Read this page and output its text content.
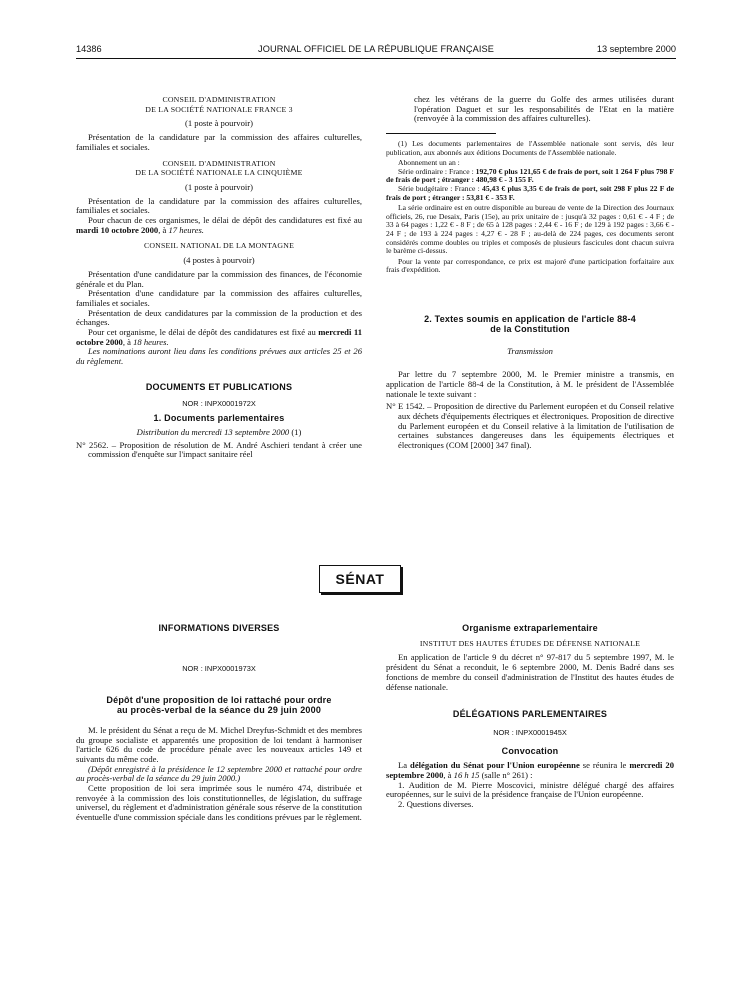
14386	JOURNAL OFFICIEL DE LA RÉPUBLIQUE FRANÇAISE	13 septembre 2000

CONSEIL D'ADMINISTRATION
DE LA SOCIÉTÉ NATIONALE FRANCE 3

(1 poste à pourvoir)

Présentation de la candidature par la commission des affaires culturelles, familiales et sociales.

CONSEIL D'ADMINISTRATION
DE LA SOCIÉTÉ NATIONALE LA CINQUIÈME

(1 poste à pourvoir)

Présentation de la candidature par la commission des affaires culturelles, familiales et sociales.

Pour chacun de ces organismes, le délai de dépôt des candidatures est fixé au mardi 10 octobre 2000, à 17 heures.

CONSEIL NATIONAL DE LA MONTAGNE

(4 postes à pourvoir)

Présentation d'une candidature par la commission des finances, de l'économie générale et du Plan.

Présentation d'une candidature par la commission des affaires culturelles, familiales et sociales.

Présentation de deux candidatures par la commission de la production et des échanges.

Pour cet organisme, le délai de dépôt des candidatures est fixé au mercredi 11 octobre 2000, à 18 heures.

Les nominations auront lieu dans les conditions prévues aux articles 25 et 26 du règlement.

DOCUMENTS ET PUBLICATIONS

NOR : INPX0001972X

1. Documents parlementaires

Distribution du mercredi 13 septembre 2000 (1)

N° 2562. – Proposition de résolution de M. André Aschieri tendant à créer une commission d'enquête sur l'impact sanitaire réel

chez les vétérans de la guerre du Golfe des armes utilisées durant l'opération Daguet et sur les responsabilités de l'Etat en la matière (renvoyée à la commission des affaires culturelles).

(1) Les documents parlementaires de l'Assemblée nationale sont servis, dès leur publication, aux abonnés aux éditions Documents de l'Assemblée nationale.

Abonnement un an :

Série ordinaire : France : 192,70 € plus 121,65 € de frais de port, soit 1 264 F plus 798 F de frais de port ; étranger : 480,98 € - 3 155 F.

Série budgétaire : France : 45,43 € plus 3,35 € de frais de port, soit 298 F plus 22 F de frais de port ; étranger : 53,81 € - 353 F.

La série ordinaire est en outre disponible au bureau de vente de la Direction des Journaux officiels, 26, rue Desaix, Paris (15e), au prix unitaire de : jusqu'à 32 pages : 0,61 € - 4 F ; de 33 à 64 pages : 1,22 € - 8 F ; de 65 à 128 pages : 2,44 € - 16 F ; de 129 à 192 pages : 3,66 € - 24 F ; de 193 à 224 pages : 4,27 € - 28 F ; au-delà de 224 pages, ces documents seront considérés comme doubles ou triples et composés de plusieurs fascicules dont chacun suivra le barème ci-dessus.

Pour la vente par correspondance, ce prix est majoré d'une participation forfaitaire aux frais d'expédition.

2. Textes soumis en application de l'article 88-4
de la Constitution

Transmission

Par lettre du 7 septembre 2000, M. le Premier ministre a transmis, en application de l'article 88-4 de la Constitution, à M. le président de l'Assemblée nationale le texte suivant :

N° E 1542. – Proposition de directive du Parlement européen et du Conseil relative aux déchets d'équipements électriques et électroniques. Proposition de directive du Parlement européen et du Conseil relative à la limitation de l'utilisation de certaines substances dangereuses dans les équipements électriques et électroniques (COM [2000] 347 final).

SÉNAT

INFORMATIONS DIVERSES

NOR : INPX0001973X

Dépôt d'une proposition de loi rattaché pour ordre
au procès-verbal de la séance du 29 juin 2000

M. le président du Sénat a reçu de M. Michel Dreyfus-Schmidt et des membres du groupe socialiste et apparentés une proposition de loi tendant à harmoniser l'article 626 du code de procédure pénale avec les nouveaux articles 149 et suivants du même code.

(Dépôt enregistré à la présidence le 12 septembre 2000 et rattaché pour ordre au procès-verbal de la séance du 29 juin 2000.)

Cette proposition de loi sera imprimée sous le numéro 474, distribuée et renvoyée à la commission des lois constitutionnelles, de législation, du suffrage universel, du règlement et d'administration générale sous réserve de la constitution éventuelle d'une commission spéciale dans les conditions prévues par le règlement.

Organisme extraparlementaire

INSTITUT DES HAUTES ÉTUDES DE DÉFENSE NATIONALE

En application de l'article 9 du décret n° 97-817 du 5 septembre 1997, M. le président du Sénat a reconduit, le 6 septembre 2000, M. Denis Badré dans ses fonctions de membre du conseil d'administration de l'Institut des hautes études de défense nationale.

DÉLÉGATIONS PARLEMENTAIRES

NOR : INPX0001945X

Convocation

La délégation du Sénat pour l'Union européenne se réunira le mercredi 20 septembre 2000, à 16 h 15 (salle n° 261) :

1. Audition de M. Pierre Moscovici, ministre délégué chargé des affaires européennes, sur le suivi de la présidence française de l'Union européenne.

2. Questions diverses.
